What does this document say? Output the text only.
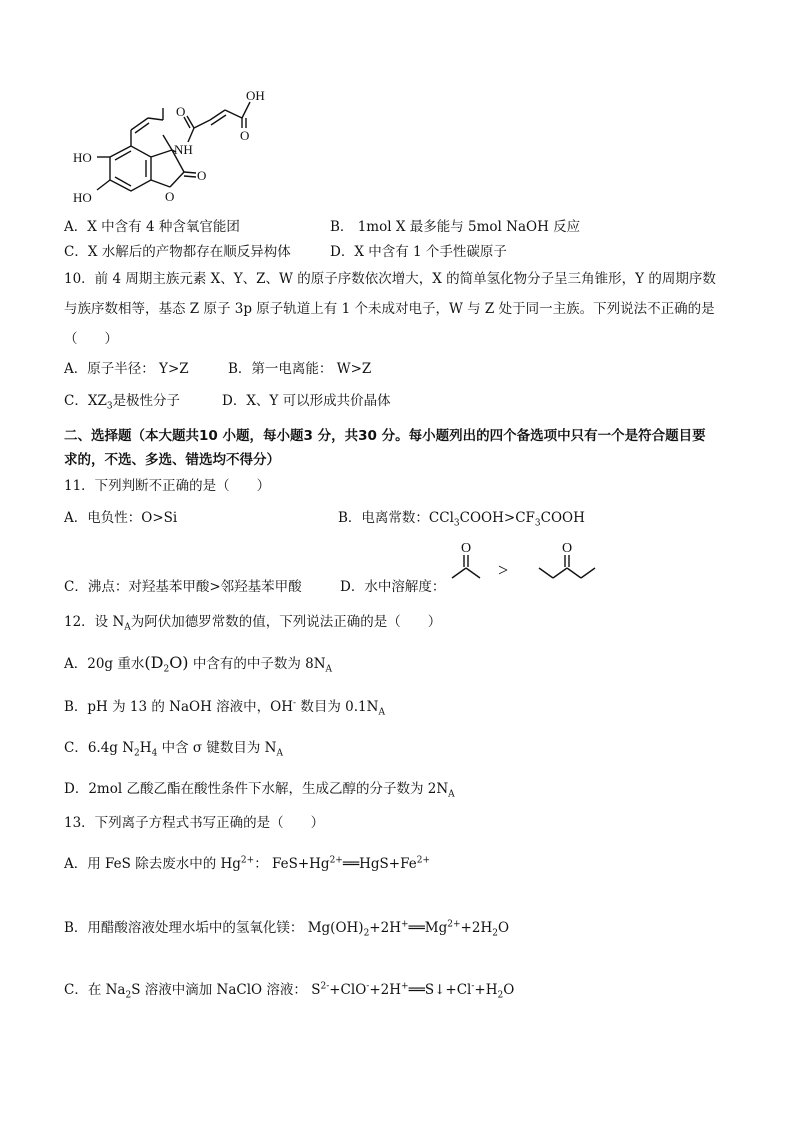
OH
O
O
NH
HO
HO	O
O
A．X 中含有 4 种含氧官能团	B． 1mol X 最多能与 5mol NaOH 反应
C．X 水解后的产物都存在顺反异构体	D．X 中含有 1 个手性碳原子
10．前 4 周期主族元素 X、Y、Z、W 的原子序数依次增大，X 的简单氢化物分子呈三角锥形，Y 的周期序数
与族序数相等，基态 Z 原子 3p 原子轨道上有 1 个未成对电子，W 与 Z 处于同一主族。下列说法不正确的是
（　　）
A．原子半径： Y>Z	B．第一电离能： W>Z
C．$XZ_3$是极性分子	D．X、Y 可以形成共价晶体
二、选择题（本大题共10 小题，每小题3 分，共30 分。每小题列出的四个备选项中只有一个是符合题目要
求的，不选、多选、错选均不得分）
11．下列判断不正确的是（　　）
A．电负性：O>Si	B．电离常数：$CCl_3COOH>CF_3COOH$
C．沸点：对羟基苯甲酸>邻羟基苯甲酸	D．水中溶解度：
O	O
>
12．设 $N_A$为阿伏加德罗常数的值，下列说法正确的是（　　）
A．20g 重水$(D_2O)$ 中含有的中子数为 $8N_A$
B．pH 为 13 的 NaOH 溶液中，OH- 数目为 $0.1N_A$
C．6.4g $N_2H_4$ 中含 σ 键数目为 $N_A$
D．2mol 乙酸乙酯在酸性条件下水解，生成乙醇的分子数为 $2N_A$
13．下列离子方程式书写正确的是（　　）
A．用 FeS 除去废水中的 $Hg^{2+}$： $FeS+Hg^{2+}══HgS+Fe^{2+}$
B．用醋酸溶液处理水垢中的氢氧化镁： $Mg(OH)_2+2H^+══Mg^{2+}+2H_2O$
C．在 $Na_2S$ 溶液中滴加 NaClO 溶液： $S^{2-}+ClO^-+2H^+══S↓+Cl^-+H_2O$
